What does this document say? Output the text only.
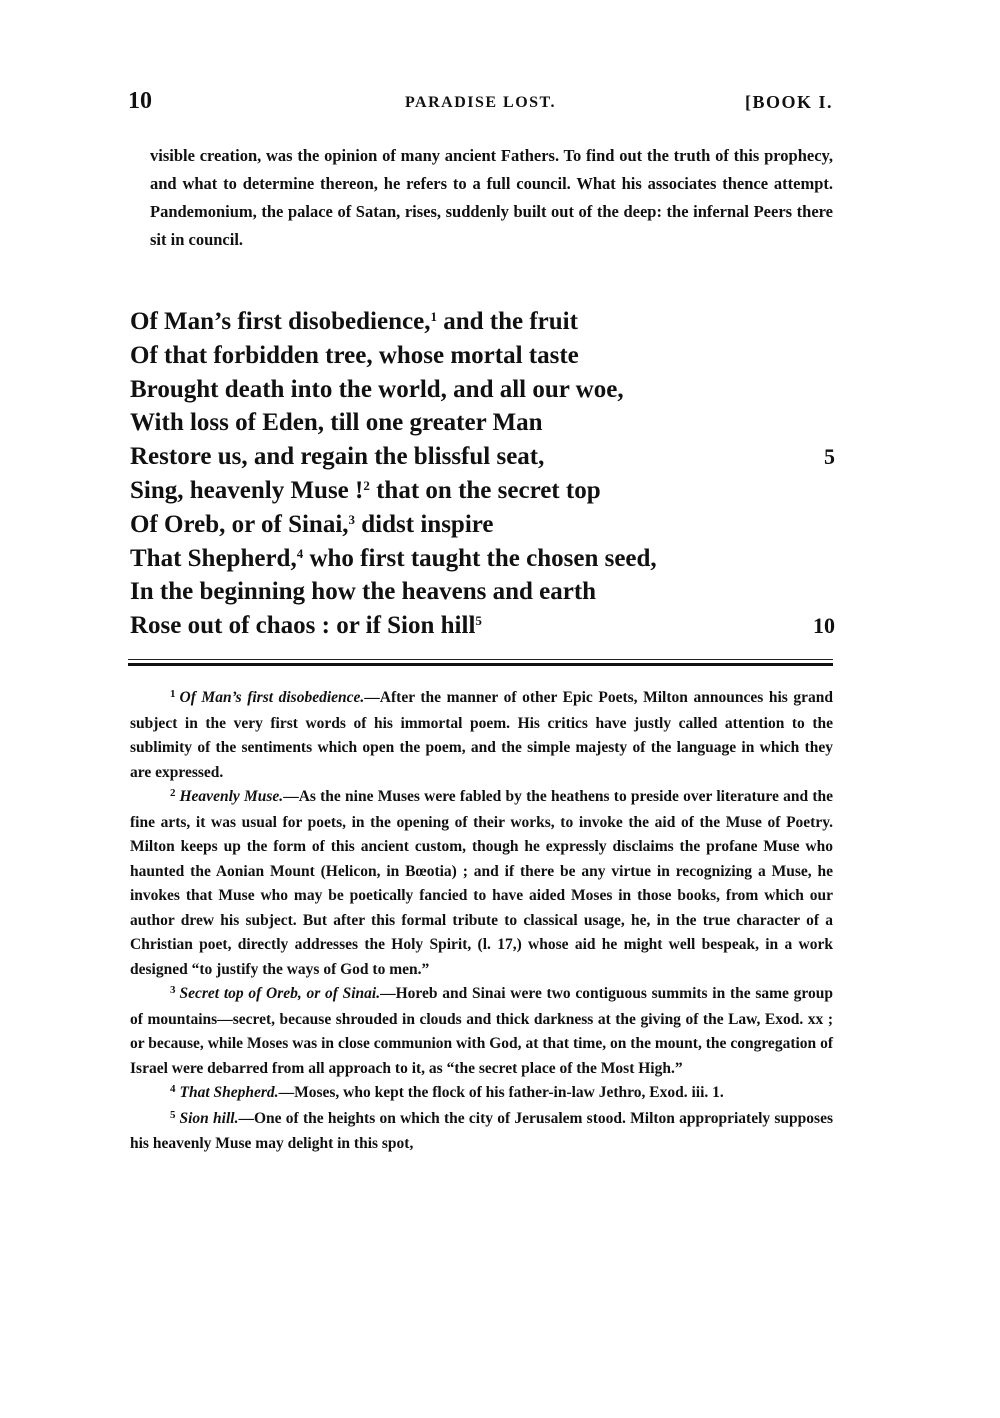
10	PARADISE LOST.	[BOOK I.

visible creation, was the opinion of many ancient Fathers. To find out the truth of this prophecy, and what to determine thereon, he refers to a full council. What his associates thence attempt. Pandemonium, the palace of Satan, rises, suddenly built out of the deep: the infernal Peers there sit in council.

Of Man’s first disobedience,$^1$ and the fruit
Of that forbidden tree, whose mortal taste
Brought death into the world, and all our woe,
With loss of Eden, till one greater Man
Restore us, and regain the blissful seat,	5
Sing, heavenly Muse !$^2$ that on the secret top
Of Oreb, or of Sinai,$^3$ didst inspire
That Shepherd,$^4$ who first taught the chosen seed,
In the beginning how the heavens and earth
Rose out of chaos : or if Sion hill$^5$	10

$^1$ Of Man’s first disobedience.—After the manner of other Epic Poets, Milton announces his grand subject in the very first words of his immortal poem. His critics have justly called attention to the sublimity of the sentiments which open the poem, and the simple majesty of the language in which they are expressed.

$^2$ Heavenly Muse.—As the nine Muses were fabled by the heathens to preside over literature and the fine arts, it was usual for poets, in the opening of their works, to invoke the aid of the Muse of Poetry. Milton keeps up the form of this ancient custom, though he expressly disclaims the profane Muse who haunted the Aonian Mount (Helicon, in Bœotia) ; and if there be any virtue in recognizing a Muse, he invokes that Muse who may be poetically fancied to have aided Moses in those books, from which our author drew his subject. But after this formal tribute to classical usage, he, in the true character of a Christian poet, directly addresses the Holy Spirit, (l. 17,) whose aid he might well bespeak, in a work designed “to justify the ways of God to men.”

$^3$ Secret top of Oreb, or of Sinai.—Horeb and Sinai were two contiguous summits in the same group of mountains—secret, because shrouded in clouds and thick darkness at the giving of the Law, Exod. xx ; or because, while Moses was in close communion with God, at that time, on the mount, the congregation of Israel were debarred from all approach to it, as “the secret place of the Most High.”

$^4$ That Shepherd.—Moses, who kept the flock of his father-in-law Jethro, Exod. iii. 1.

$^5$ Sion hill.—One of the heights on which the city of Jerusalem stood. Milton appropriately supposes his heavenly Muse may delight in this spot,
